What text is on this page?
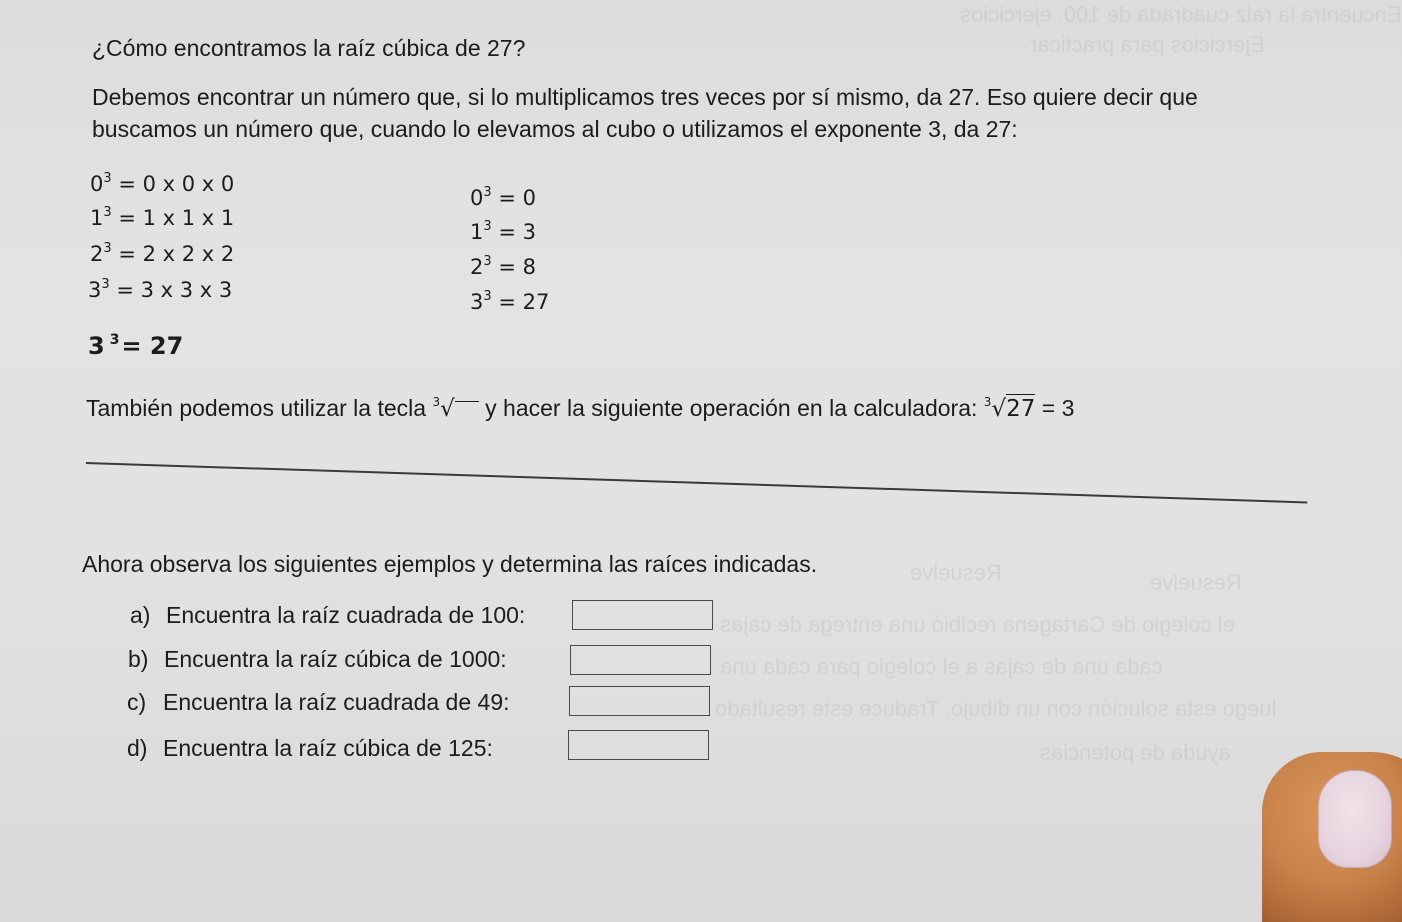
Encuentra la raíz cuadrada de 100: ejercicios
Ejercicios para practicar
Resuelve	Resuelve
el colegio de Cartagena recibió una entrega de cajas
cada una de cajas a el colegio para cada una
luego esta solución con un dibujo. Traduce este resultado
ayuda de potencias
¿Cómo encontramos la raíz cúbica de 27?
Debemos encontrar un número que, si lo multiplicamos tres veces por sí mismo, da 27. Eso quiere decir que
buscamos un número que, cuando lo elevamos al cubo o utilizamos el exponente 3, da 27:
$0^3 = 0$ x 0 x 0
$1^3 = 1$ x 1 x 1
$2^3 = 2$ x 2 x 2
$3^3 = 3$ x 3 x 3
$0^3 = 0$
$1^3 = 3$
$2^3 = 8$
$3^3 = 27$
3 $^3$= 27
También podemos utilizar la tecla $^3$√ y hacer la siguiente operación en la calculadora: $^3$√27 = 3
Ahora observa los siguientes ejemplos y determina las raíces indicadas.
a) Encuentra la raíz cuadrada de 100:
b) Encuentra la raíz cúbica de 1000:
c) Encuentra la raíz cuadrada de 49:
d) Encuentra la raíz cúbica de 125:
